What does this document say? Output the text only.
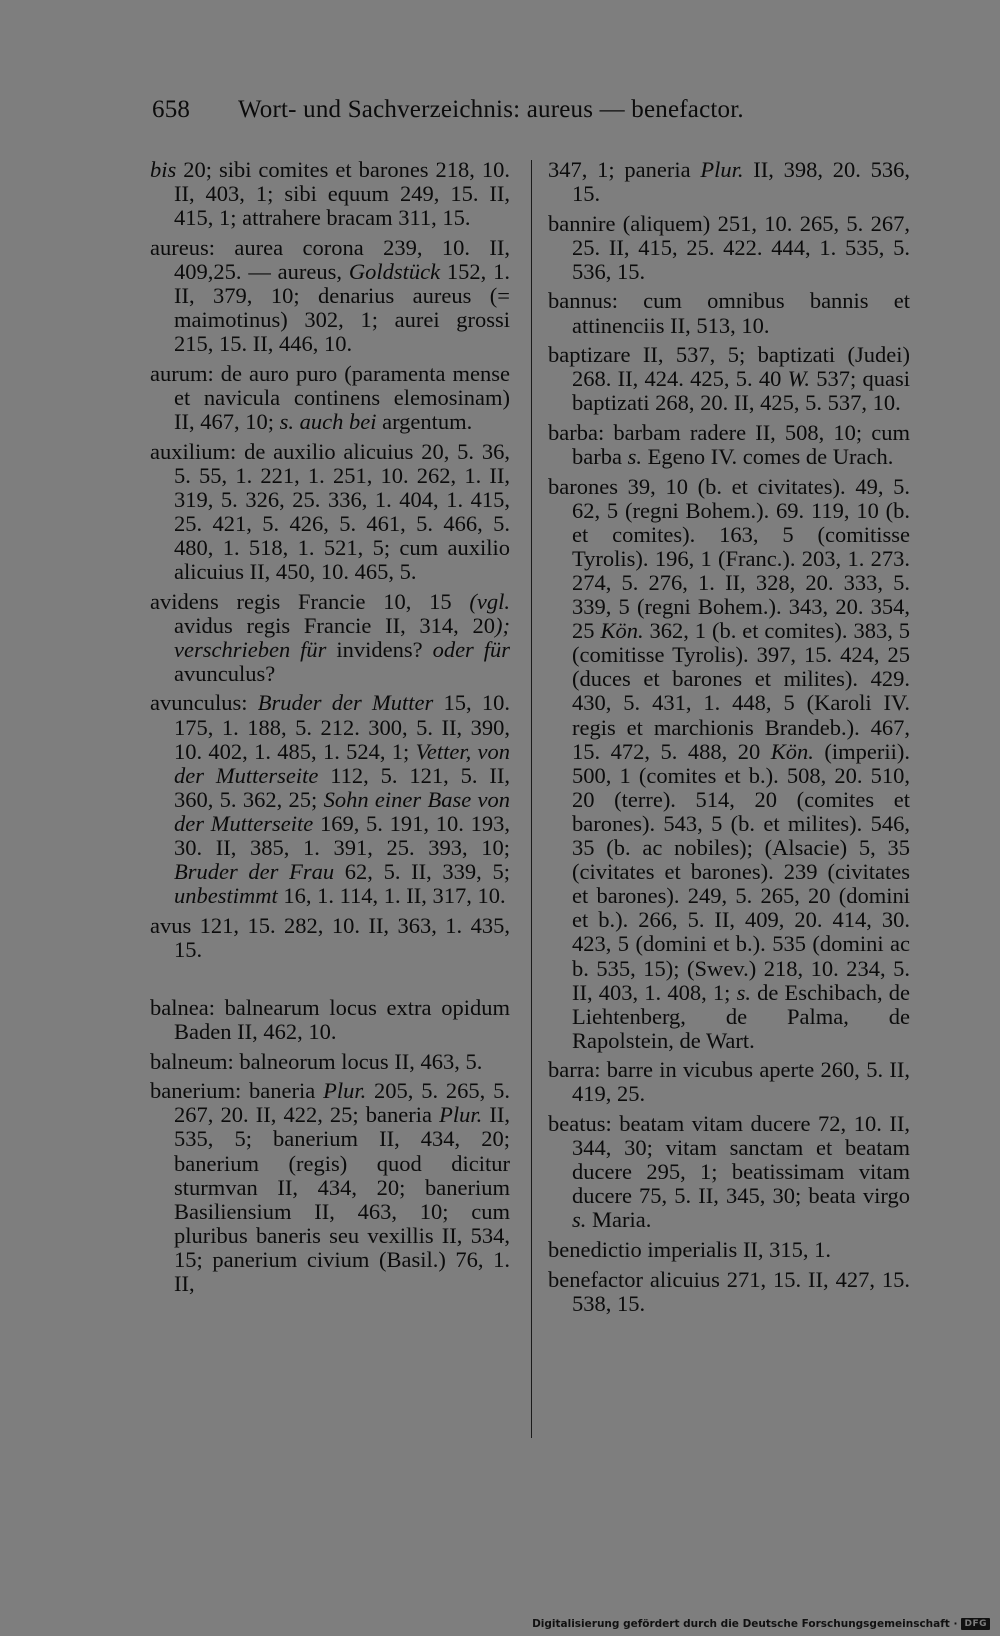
658 Wort- und Sachverzeichnis: aureus — benefactor.

bis 20; sibi comites et barones 218, 10. II, 403, 1; sibi equum 249, 15. II, 415, 1; attrahere bracam 311, 15.

aureus: aurea corona 239, 10. II, 409,25. — aureus, Goldstück 152, 1. II, 379, 10; denarius aureus (= maimotinus) 302, 1; aurei grossi 215, 15. II, 446, 10.

aurum: de auro puro (paramenta mense et navicula continens elemosinam) II, 467, 10; s. auch bei argentum.

auxilium: de auxilio alicuius 20, 5. 36, 5. 55, 1. 221, 1. 251, 10. 262, 1. II, 319, 5. 326, 25. 336, 1. 404, 1. 415, 25. 421, 5. 426, 5. 461, 5. 466, 5. 480, 1. 518, 1. 521, 5; cum auxilio alicuius II, 450, 10. 465, 5.

avidens regis Francie 10, 15 (vgl. avidus regis Francie II, 314, 20); verschrieben für invidens? oder für avunculus?

avunculus: Bruder der Mutter 15, 10. 175, 1. 188, 5. 212. 300, 5. II, 390, 10. 402, 1. 485, 1. 524, 1; Vetter, von der Mutterseite 112, 5. 121, 5. II, 360, 5. 362, 25; Sohn einer Base von der Mutterseite 169, 5. 191, 10. 193, 30. II, 385, 1. 391, 25. 393, 10; Bruder der Frau 62, 5. II, 339, 5; unbestimmt 16, 1. 114, 1. II, 317, 10.

avus 121, 15. 282, 10. II, 363, 1. 435, 15.

balnea: balnearum locus extra opidum Baden II, 462, 10.

balneum: balneorum locus II, 463, 5.

banerium: baneria Plur. 205, 5. 265, 5. 267, 20. II, 422, 25; baneria Plur. II, 535, 5; banerium II, 434, 20; banerium (regis) quod dicitur sturmvan II, 434, 20; banerium Basiliensium II, 463, 10; cum pluribus baneris seu vexillis II, 534, 15; panerium civium (Basil.) 76, 1. II,

347, 1; paneria Plur. II, 398, 20. 536, 15.

bannire (aliquem) 251, 10. 265, 5. 267, 25. II, 415, 25. 422. 444, 1. 535, 5. 536, 15.

bannus: cum omnibus bannis et attinenciis II, 513, 10.

baptizare II, 537, 5; baptizati (Judei) 268. II, 424. 425, 5. 40 W. 537; quasi baptizati 268, 20. II, 425, 5. 537, 10.

barba: barbam radere II, 508, 10; cum barba s. Egeno IV. comes de Urach.

barones 39, 10 (b. et civitates). 49, 5. 62, 5 (regni Bohem.). 69. 119, 10 (b. et comites). 163, 5 (comitisse Tyrolis). 196, 1 (Franc.). 203, 1. 273. 274, 5. 276, 1. II, 328, 20. 333, 5. 339, 5 (regni Bohem.). 343, 20. 354, 25 Kön. 362, 1 (b. et comites). 383, 5 (comitisse Tyrolis). 397, 15. 424, 25 (duces et barones et milites). 429. 430, 5. 431, 1. 448, 5 (Karoli IV. regis et marchionis Brandeb.). 467, 15. 472, 5. 488, 20 Kön. (imperii). 500, 1 (comites et b.). 508, 20. 510, 20 (terre). 514, 20 (comites et barones). 543, 5 (b. et milites). 546, 35 (b. ac nobiles); (Alsacie) 5, 35 (civitates et barones). 239 (civitates et barones). 249, 5. 265, 20 (domini et b.). 266, 5. II, 409, 20. 414, 30. 423, 5 (domini et b.). 535 (domini ac b. 535, 15); (Swev.) 218, 10. 234, 5. II, 403, 1. 408, 1; s. de Eschibach, de Liehtenberg, de Palma, de Rapolstein, de Wart.

barra: barre in vicubus aperte 260, 5. II, 419, 25.

beatus: beatam vitam ducere 72, 10. II, 344, 30; vitam sanctam et beatam ducere 295, 1; beatissimam vitam ducere 75, 5. II, 345, 30; beata virgo s. Maria.

benedictio imperialis II, 315, 1.

benefactor alicuius 271, 15. II, 427, 15. 538, 15.

Digitalisierung gefördert durch die Deutsche Forschungsgemeinschaft · DFG
